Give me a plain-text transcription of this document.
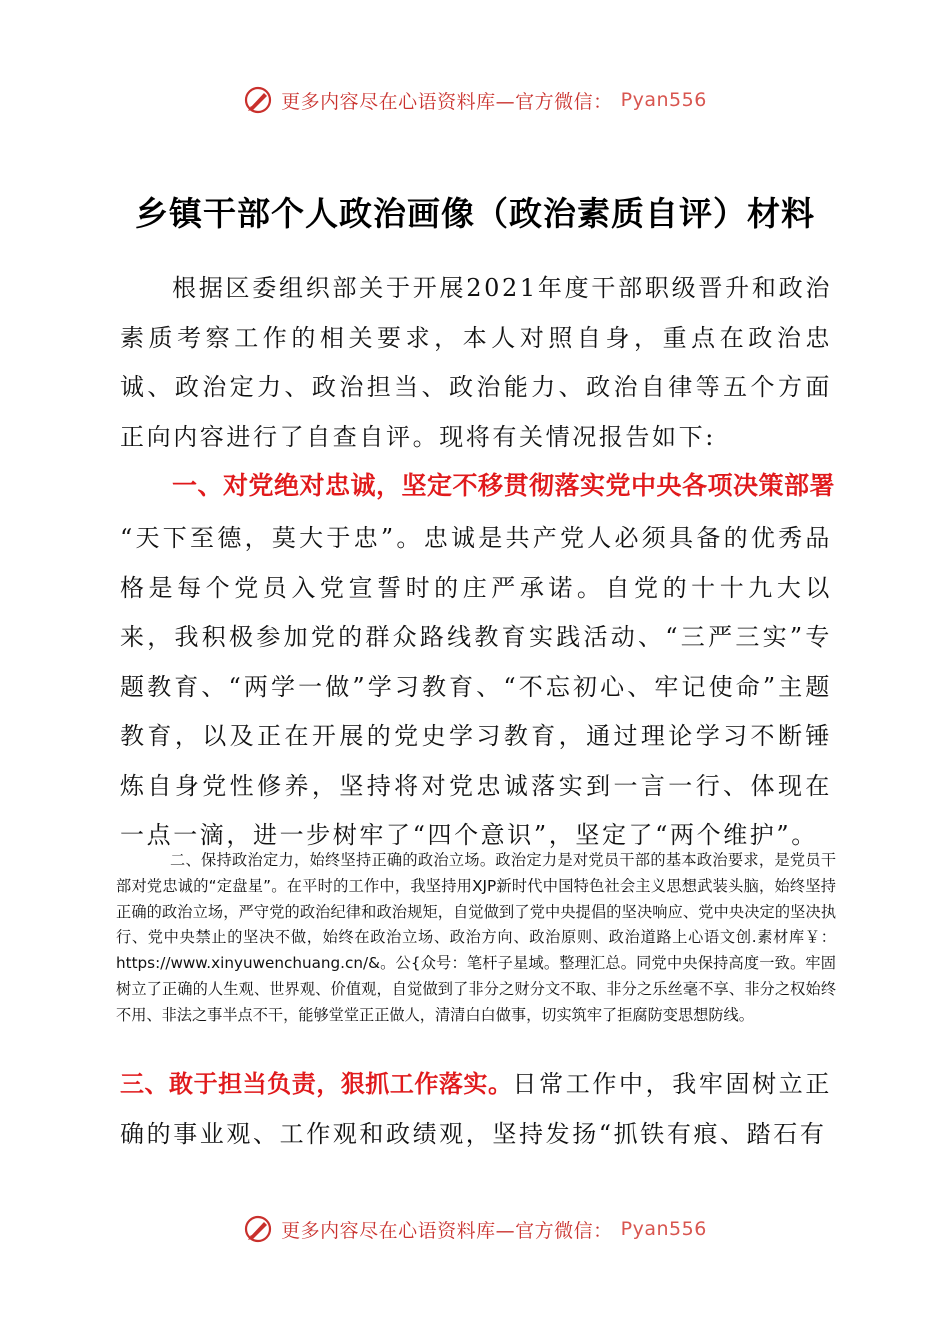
更多内容尽在心语资料库—官方微信： Pyan556
乡镇干部个人政治画像（政治素质自评）材料
根据区委组织部关于开展2021年度干部职级晋升和政治素质考察工作的相关要求，本人对照自身，重点在政治忠诚、政治定力、政治担当、政治能力、政治自律等五个方面正向内容进行了自查自评。现将有关情况报告如下:
一、对党绝对忠诚，坚定不移贯彻落实党中央各项决策部署
“天下至德，莫大于忠”。忠诚是共产党人必须具备的优秀品格是每个党员入党宣誓时的庄严承诺。自党的十十九大以来，我积极参加党的群众路线教育实践活动、“三严三实”专题教育、“两学一做”学习教育、“不忘初心、牢记使命”主题教育，以及正在开展的党史学习教育，通过理论学习不断锤炼自身党性修养，坚持将对党忠诚落实到一言一行、体现在一点一滴，进一步树牢了“四个意识”，坚定了“两个维护”。
二、保持政治定力，始终坚持正确的政治立场。政治定力是对党员干部的基本政治要求，是党员干部对党忠诚的“定盘星”。在平时的工作中，我坚持用XJP新时代中国特色社会主义思想武装头脑，始终坚持正确的政治立场，严守党的政治纪律和政治规矩，自觉做到了党中央提倡的坚决响应、党中央决定的坚决执行、党中央禁止的坚决不做，始终在政治立场、政治方向、政治原则、政治道路上心语文创.素材库￥：https://www.xinyuwenchuang.cn/&。公{众号：笔杆子星域。整理汇总。同党中央保持高度一致。牢固树立了正确的人生观、世界观、价值观，自觉做到了非分之财分文不取、非分之乐丝毫不享、非分之权始终不用、非法之事半点不干，能够堂堂正正做人，清清白白做事，切实筑牢了拒腐防变思想防线。
三、敢于担当负责，狠抓工作落实。日常工作中，我牢固树立正确的事业观、工作观和政绩观，坚持发扬“抓铁有痕、踏石有
更多内容尽在心语资料库—官方微信： Pyan556
